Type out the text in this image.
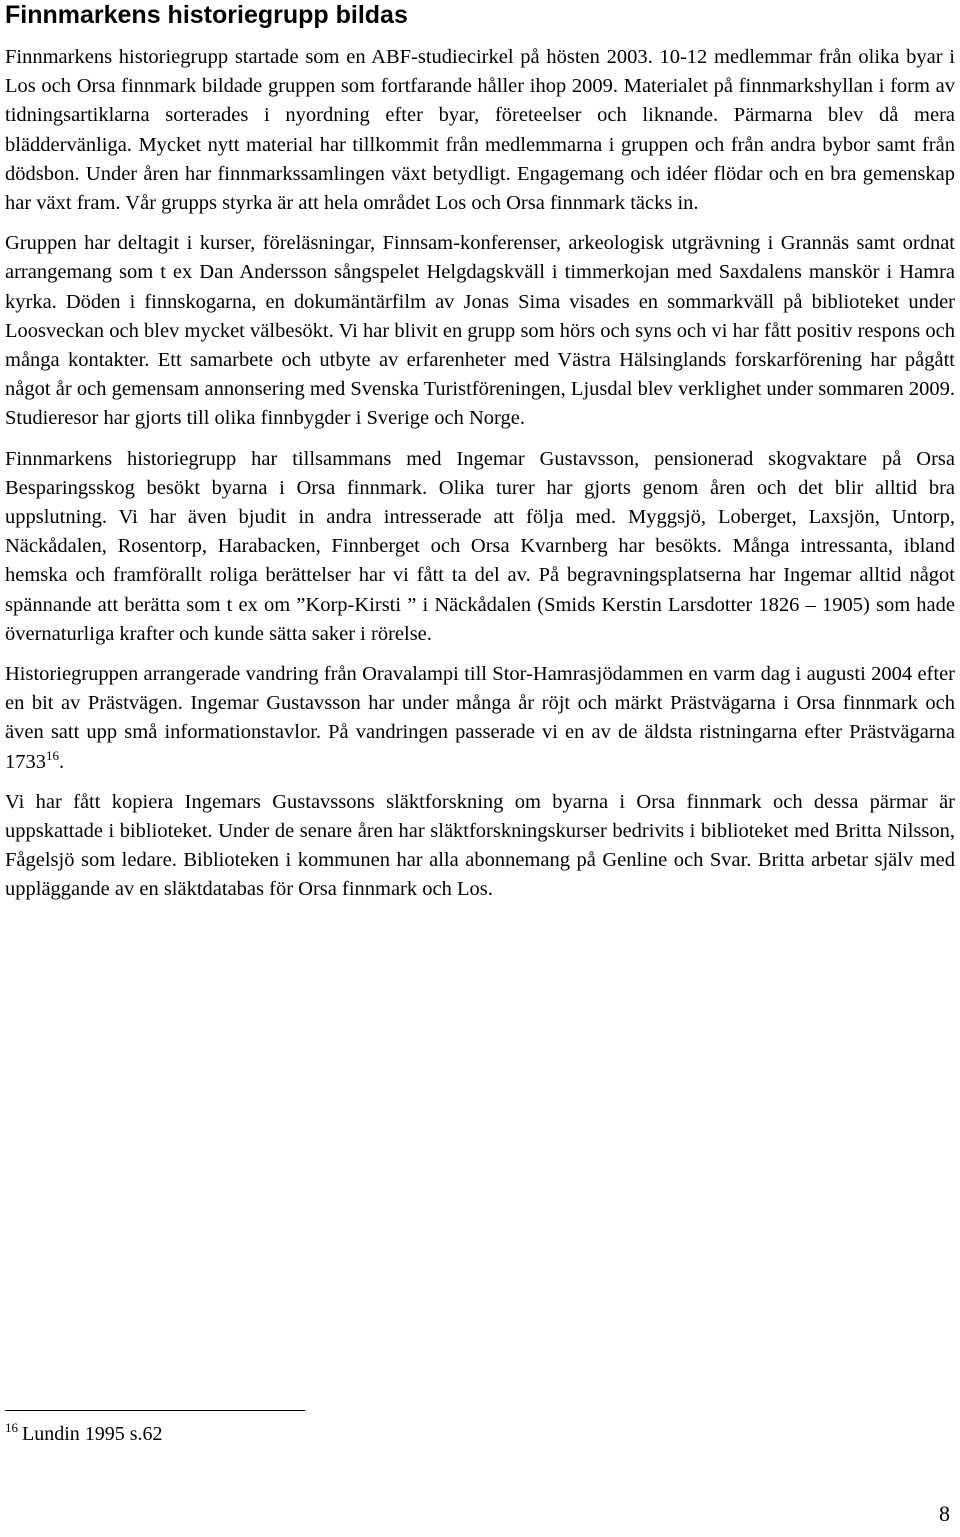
Finnmarkens historiegrupp bildas

Finnmarkens historiegrupp startade som en ABF-studiecirkel på hösten 2003. 10-12 medlemmar från olika byar i Los och Orsa finnmark bildade gruppen som fortfarande håller ihop 2009. Materialet på finnmarkshyllan i form av tidningsartiklarna sorterades i nyordning efter byar, företeelser och liknande. Pärmarna blev då mera bläddervänliga. Mycket nytt material har tillkommit från medlemmarna i gruppen och från andra bybor samt från dödsbon. Under åren har finnmarkssamlingen växt betydligt. Engagemang och idéer flödar och en bra gemenskap har växt fram. Vår grupps styrka är att hela området Los och Orsa finnmark täcks in.

Gruppen har deltagit i kurser, föreläsningar, Finnsam-konferenser, arkeologisk utgrävning i Grannäs samt ordnat arrangemang som t ex Dan Andersson sångspelet Helgdagskväll i timmerkojan med Saxdalens manskör i Hamra kyrka. Döden i finnskogarna, en dokumäntärfilm av Jonas Sima visades en sommarkväll på biblioteket under Loosveckan och blev mycket välbesökt. Vi har blivit en grupp som hörs och syns och vi har fått positiv respons och många kontakter. Ett samarbete och utbyte av erfarenheter med Västra Hälsinglands forskarförening har pågått något år och gemensam annonsering med Svenska Turistföreningen, Ljusdal blev verklighet under sommaren 2009. Studieresor har gjorts till olika finnbygder i Sverige och Norge.

Finnmarkens historiegrupp har tillsammans med Ingemar Gustavsson, pensionerad skogvaktare på Orsa Besparingsskog besökt byarna i Orsa finnmark. Olika turer har gjorts genom åren och det blir alltid bra uppslutning. Vi har även bjudit in andra intresserade att följa med. Myggsjö, Loberget, Laxsjön, Untorp, Näckådalen, Rosentorp, Harabacken, Finnberget och Orsa Kvarnberg har besökts. Många intressanta, ibland hemska och framförallt roliga berättelser har vi fått ta del av. På begravningsplatserna har Ingemar alltid något spännande att berätta som t ex om ”Korp-Kirsti ” i Näckådalen (Smids Kerstin Larsdotter 1826 – 1905) som hade övernaturliga krafter och kunde sätta saker i rörelse.

Historiegruppen arrangerade vandring från Oravalampi till Stor-Hamrasjödammen en varm dag i augusti 2004 efter en bit av Prästvägen. Ingemar Gustavsson har under många år röjt och märkt Prästvägarna i Orsa finnmark och även satt upp små informationstavlor. På vandringen passerade vi en av de äldsta ristningarna efter Prästvägarna 1733$^{16}$.

Vi har fått kopiera Ingemars Gustavssons släktforskning om byarna i Orsa finnmark och dessa pärmar är uppskattade i biblioteket. Under de senare åren har släktforskningskurser bedrivits i biblioteket med Britta Nilsson, Fågelsjö som ledare. Biblioteken i kommunen har alla abonnemang på Genline och Svar. Britta arbetar själv med uppläggande av en släktdatabas för Orsa finnmark och Los.

$^{16}$ Lundin 1995 s.62
8
